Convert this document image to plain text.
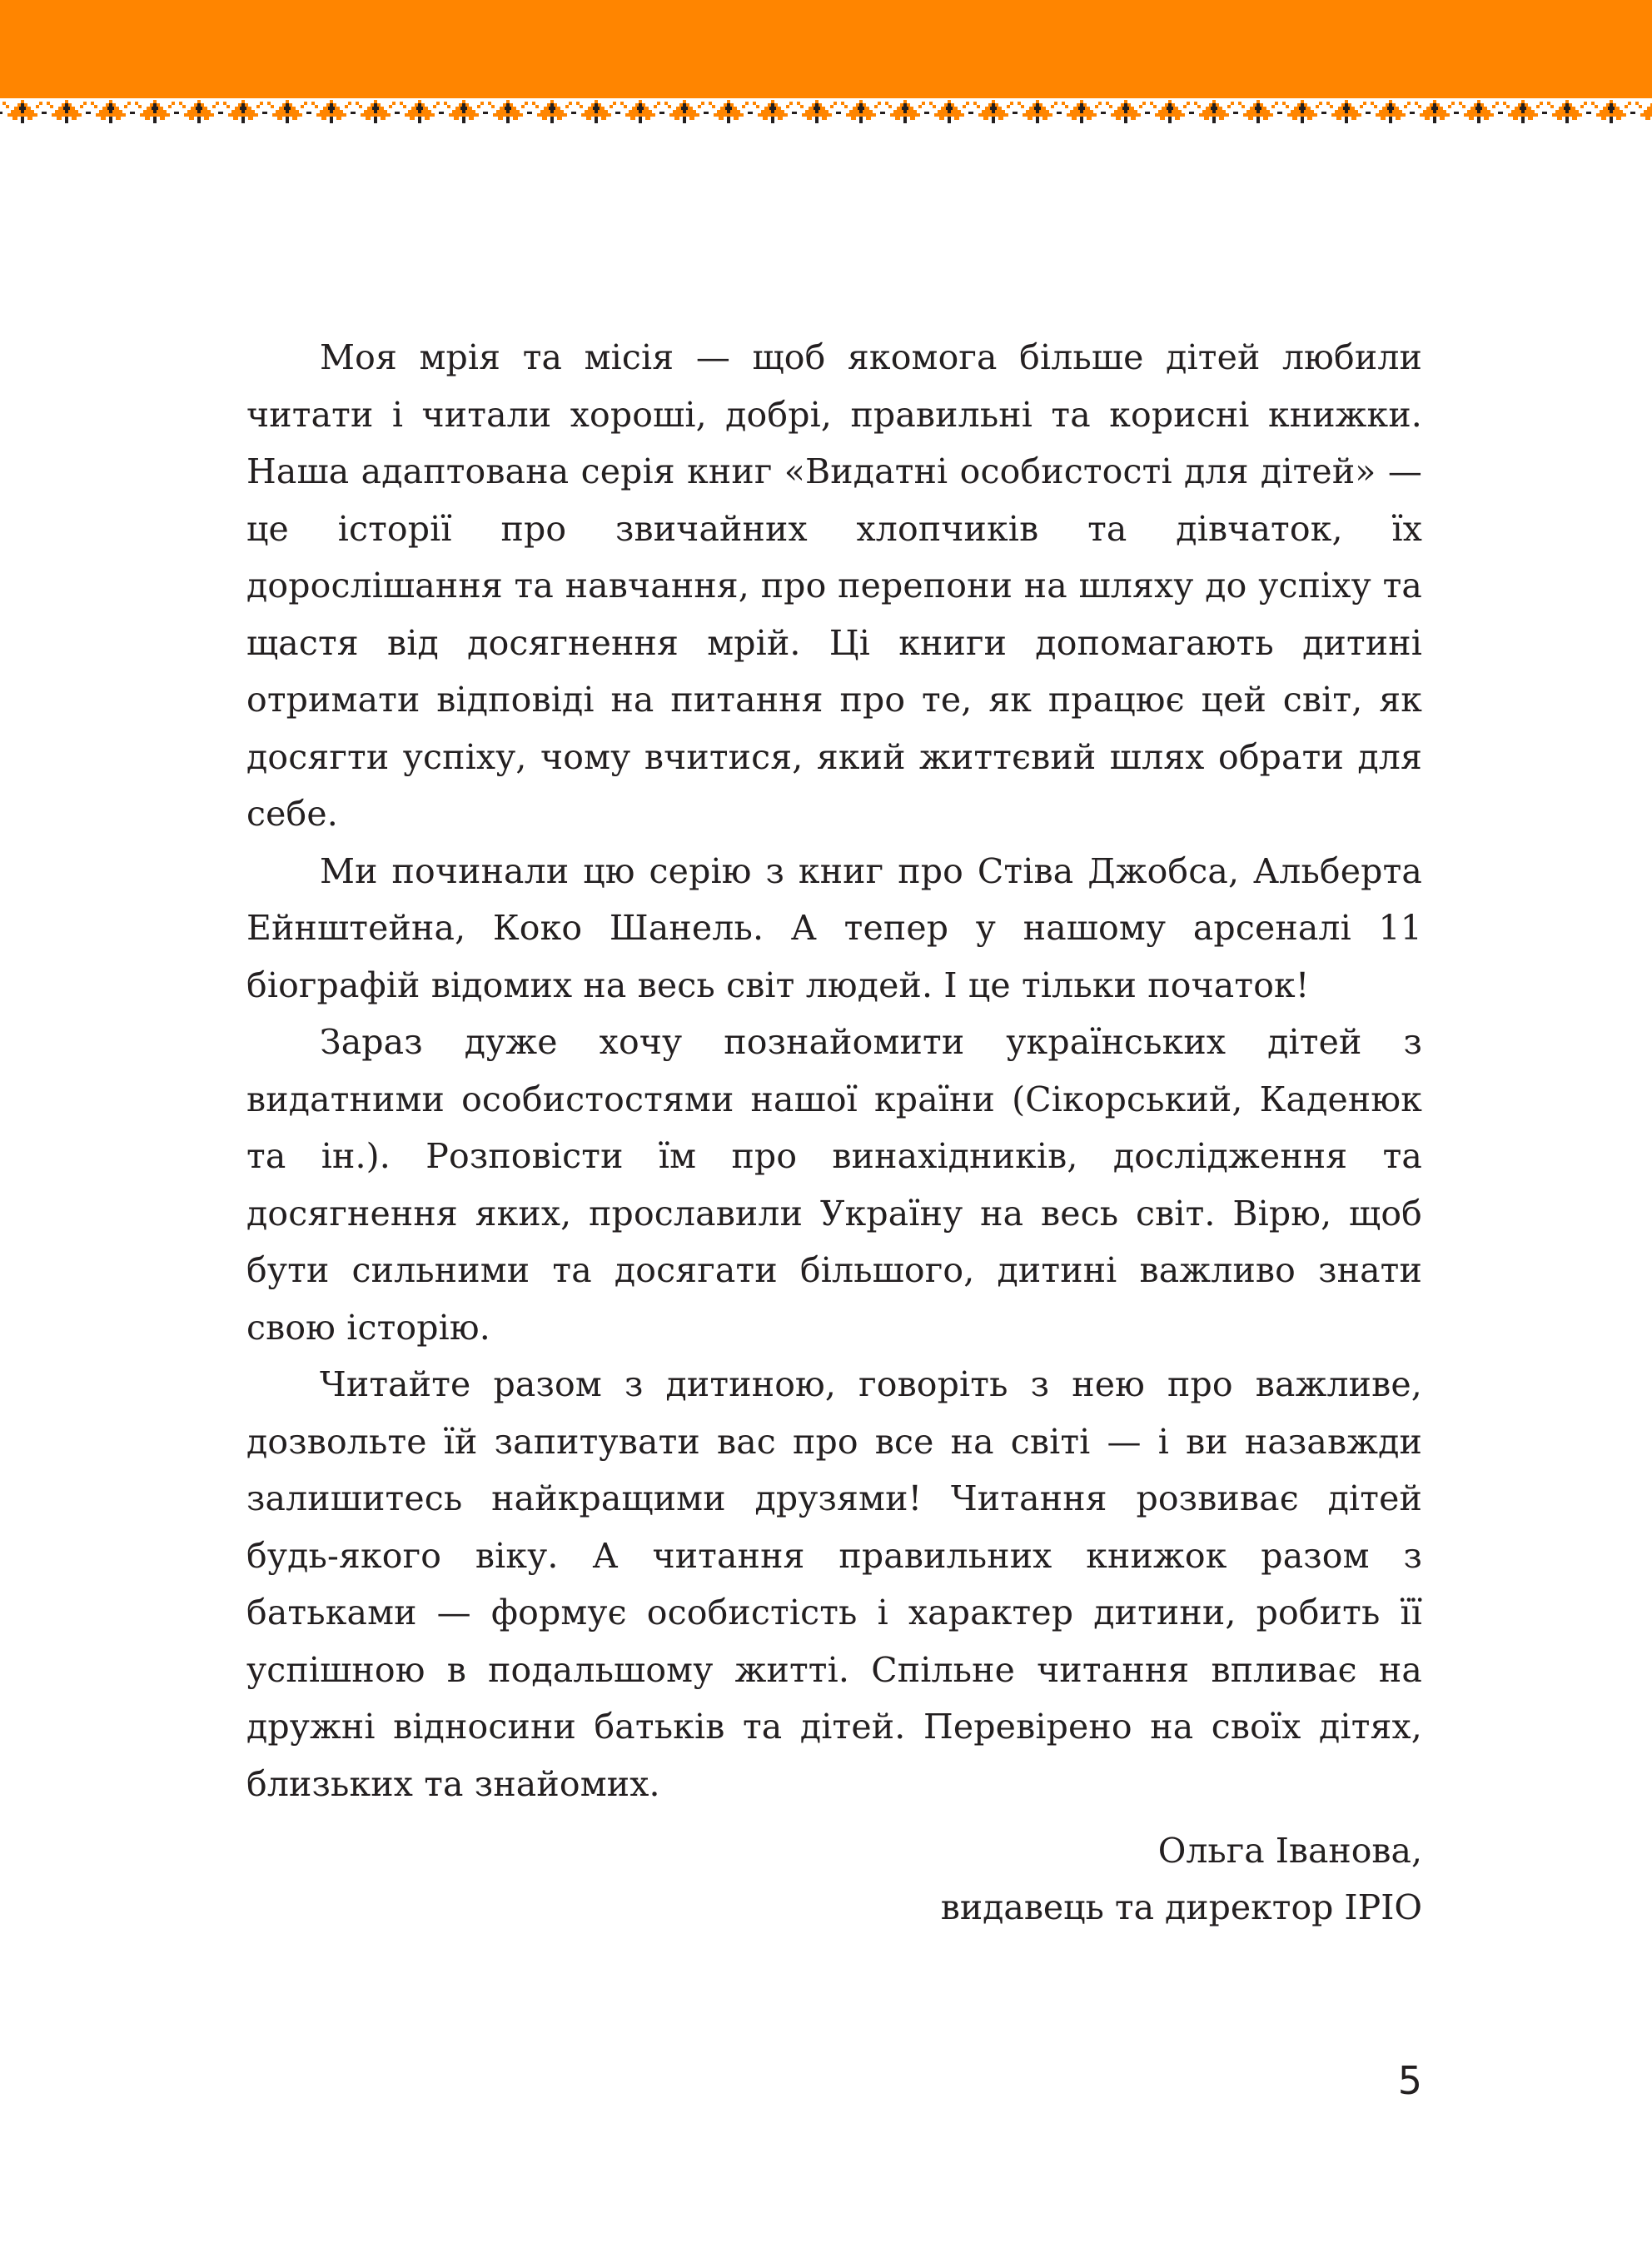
Моя мрія та місія — щоб якомога більше дітей любили читати і читали хороші, добрі, правильні та корисні книжки. Наша адаптована серія книг «Видатні особистості для дітей» — це історії про звичайних хлопчиків та дівчаток, їх дорослішання та навчання, про перепони на шляху до успіху та щастя від досягнення мрій. Ці книги допомагають дитині отримати відповіді на питання про те, як працює цей світ, як досягти успіху, чому вчитися, який життєвий шлях обрати для себе.

Ми починали цю серію з книг про Стіва Джобса, Альберта Ейнштейна, Коко Шанель. А тепер у нашому арсеналі 11 біографій відомих на весь світ людей. І це тільки початок!

Зараз дуже хочу познайомити українських дітей з видатними особистостями нашої країни (Сікорський, Каденюк та ін.). Розповісти їм про винахідників, дослідження та досягнення яких, прославили Україну на весь світ. Вірю, щоб бути сильними та досягати більшого, дитині важливо знати свою історію.

Читайте разом з дитиною, говоріть з нею про важливе, дозвольте їй запитувати вас про все на світі — і ви назавжди залишитесь найкращими друзями! Читання розвиває дітей будь-якого віку. А читання правильних книжок разом з батьками — формує особистість і характер дитини, робить її успішною в подальшому житті. Спільне читання впливає на дружні відносини батьків та дітей. Перевірено на своїх дітях, близьких та знайомих.

Ольга Іванова,
видавець та директор ІРІО
5
